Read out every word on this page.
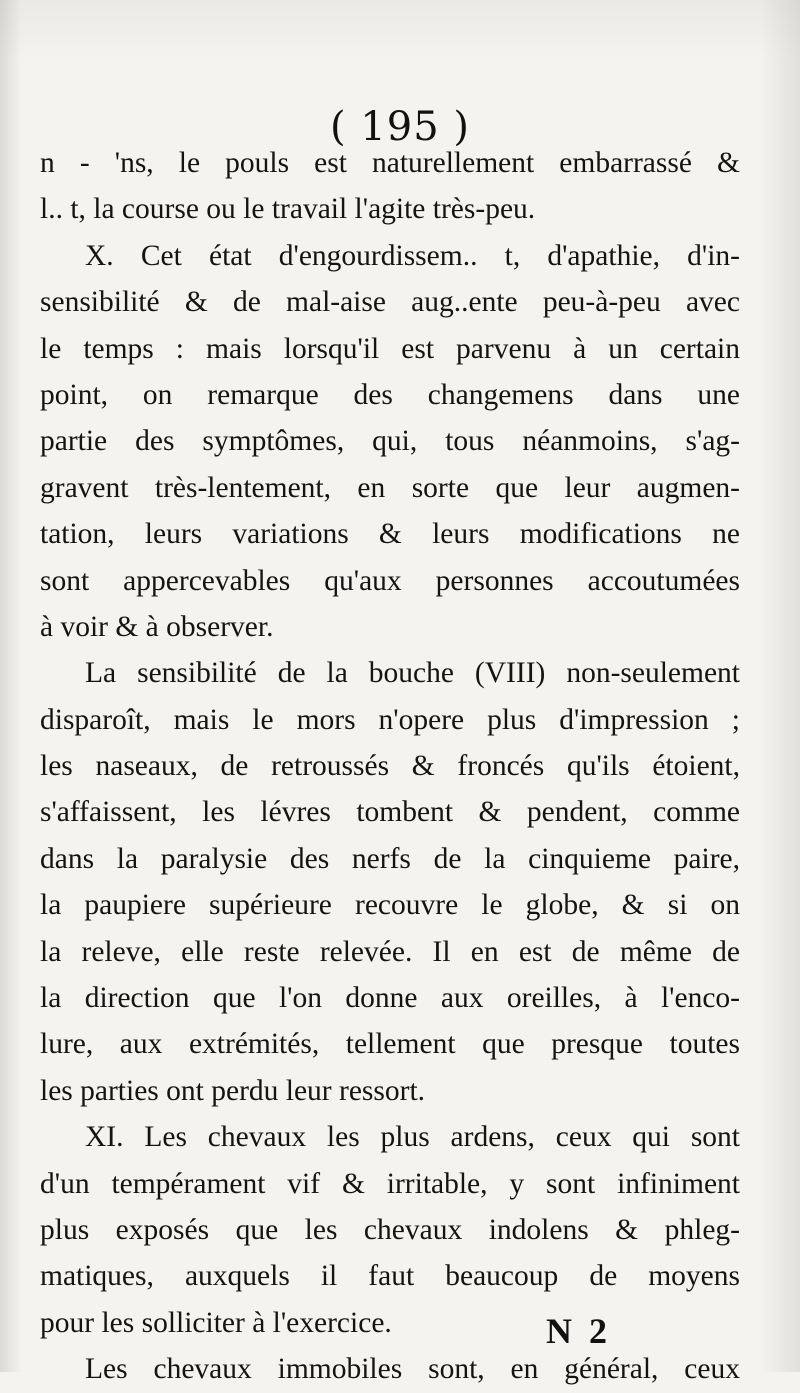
( 195 )
n - 'ns, le pouls est naturellement embarrassé &
l.. t, la course ou le travail l'agite très-peu.
X. Cet état d'engourdissem.. t, d'apathie, d'in-
sensibilité & de mal-aise aug..ente peu-à-peu avec
le temps : mais lorsqu'il est parvenu à un certain
point, on remarque des changemens dans une
partie des symptômes, qui, tous néanmoins, s'ag-
gravent très-lentement, en sorte que leur augmen-
tation, leurs variations & leurs modifications ne
sont appercevables qu'aux personnes accoutumées
à voir & à observer.
La sensibilité de la bouche (VIII) non-seulement
disparoît, mais le mors n'opere plus d'impression ;
les naseaux, de retroussés & froncés qu'ils étoient,
s'affaissent, les lévres tombent & pendent, comme
dans la paralysie des nerfs de la cinquieme paire,
la paupiere supérieure recouvre le globe, & si on
la releve, elle reste relevée. Il en est de même de
la direction que l'on donne aux oreilles, à l'enco-
lure, aux extrémités, tellement que presque toutes
les parties ont perdu leur ressort.
XI. Les chevaux les plus ardens, ceux qui sont
d'un tempérament vif & irritable, y sont infiniment
plus exposés que les chevaux indolens & phleg-
matiques, auxquels il faut beaucoup de moyens
pour les solliciter à l'exercice.
Les chevaux immobiles sont, en général, ceux
N 2
